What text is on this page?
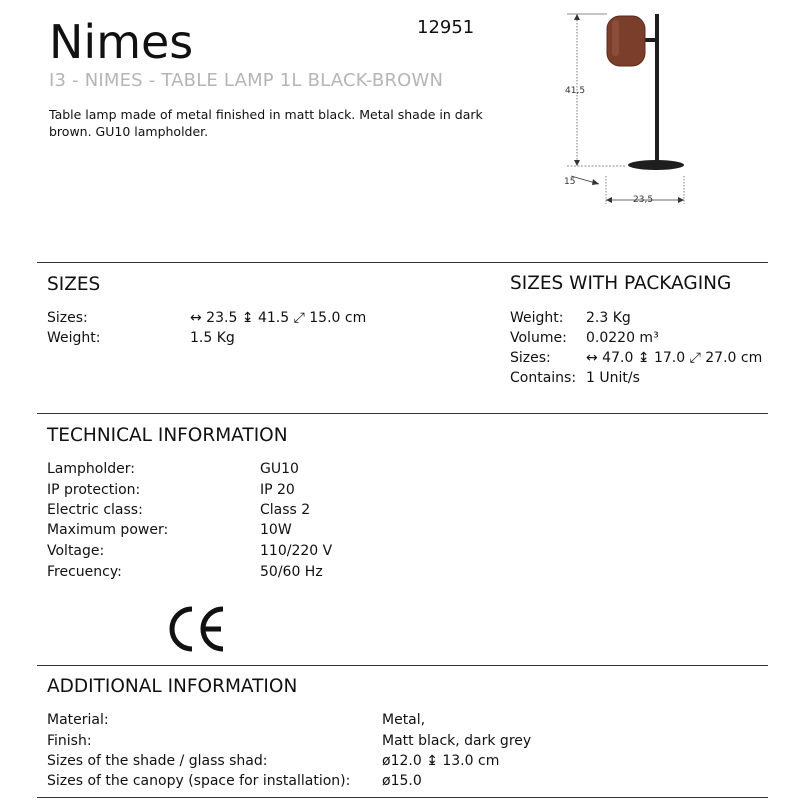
Nimes	12951
I3 - NIMES - TABLE LAMP 1L BLACK-BROWN
Table lamp made of metal finished in matt black. Metal shade in dark brown. GU10 lampholder.
41,5
15
23,5
SIZES
Sizes:	↔ 23.5 ↨ 41.5 ⤢ 15.0 cm
Weight:	1.5 Kg
SIZES WITH PACKAGING
Weight: 2.3 Kg
Volume: 0.0220 m³
Sizes:	↔ 47.0 ↨ 17.0 ⤢ 27.0 cm
Contains: 1 Unit/s
TECHNICAL INFORMATION
Lampholder:	GU10
IP protection:	IP 20
Electric class:	Class 2
Maximum power:	10W
Voltage:	110/220 V
Frecuency:	50/60 Hz
ADDITIONAL INFORMATION
Material:	Metal,
Finish:	Matt black, dark grey
Sizes of the shade / glass shad:	ø12.0 ↨ 13.0 cm
Sizes of the canopy (space for installation): ø15.0
